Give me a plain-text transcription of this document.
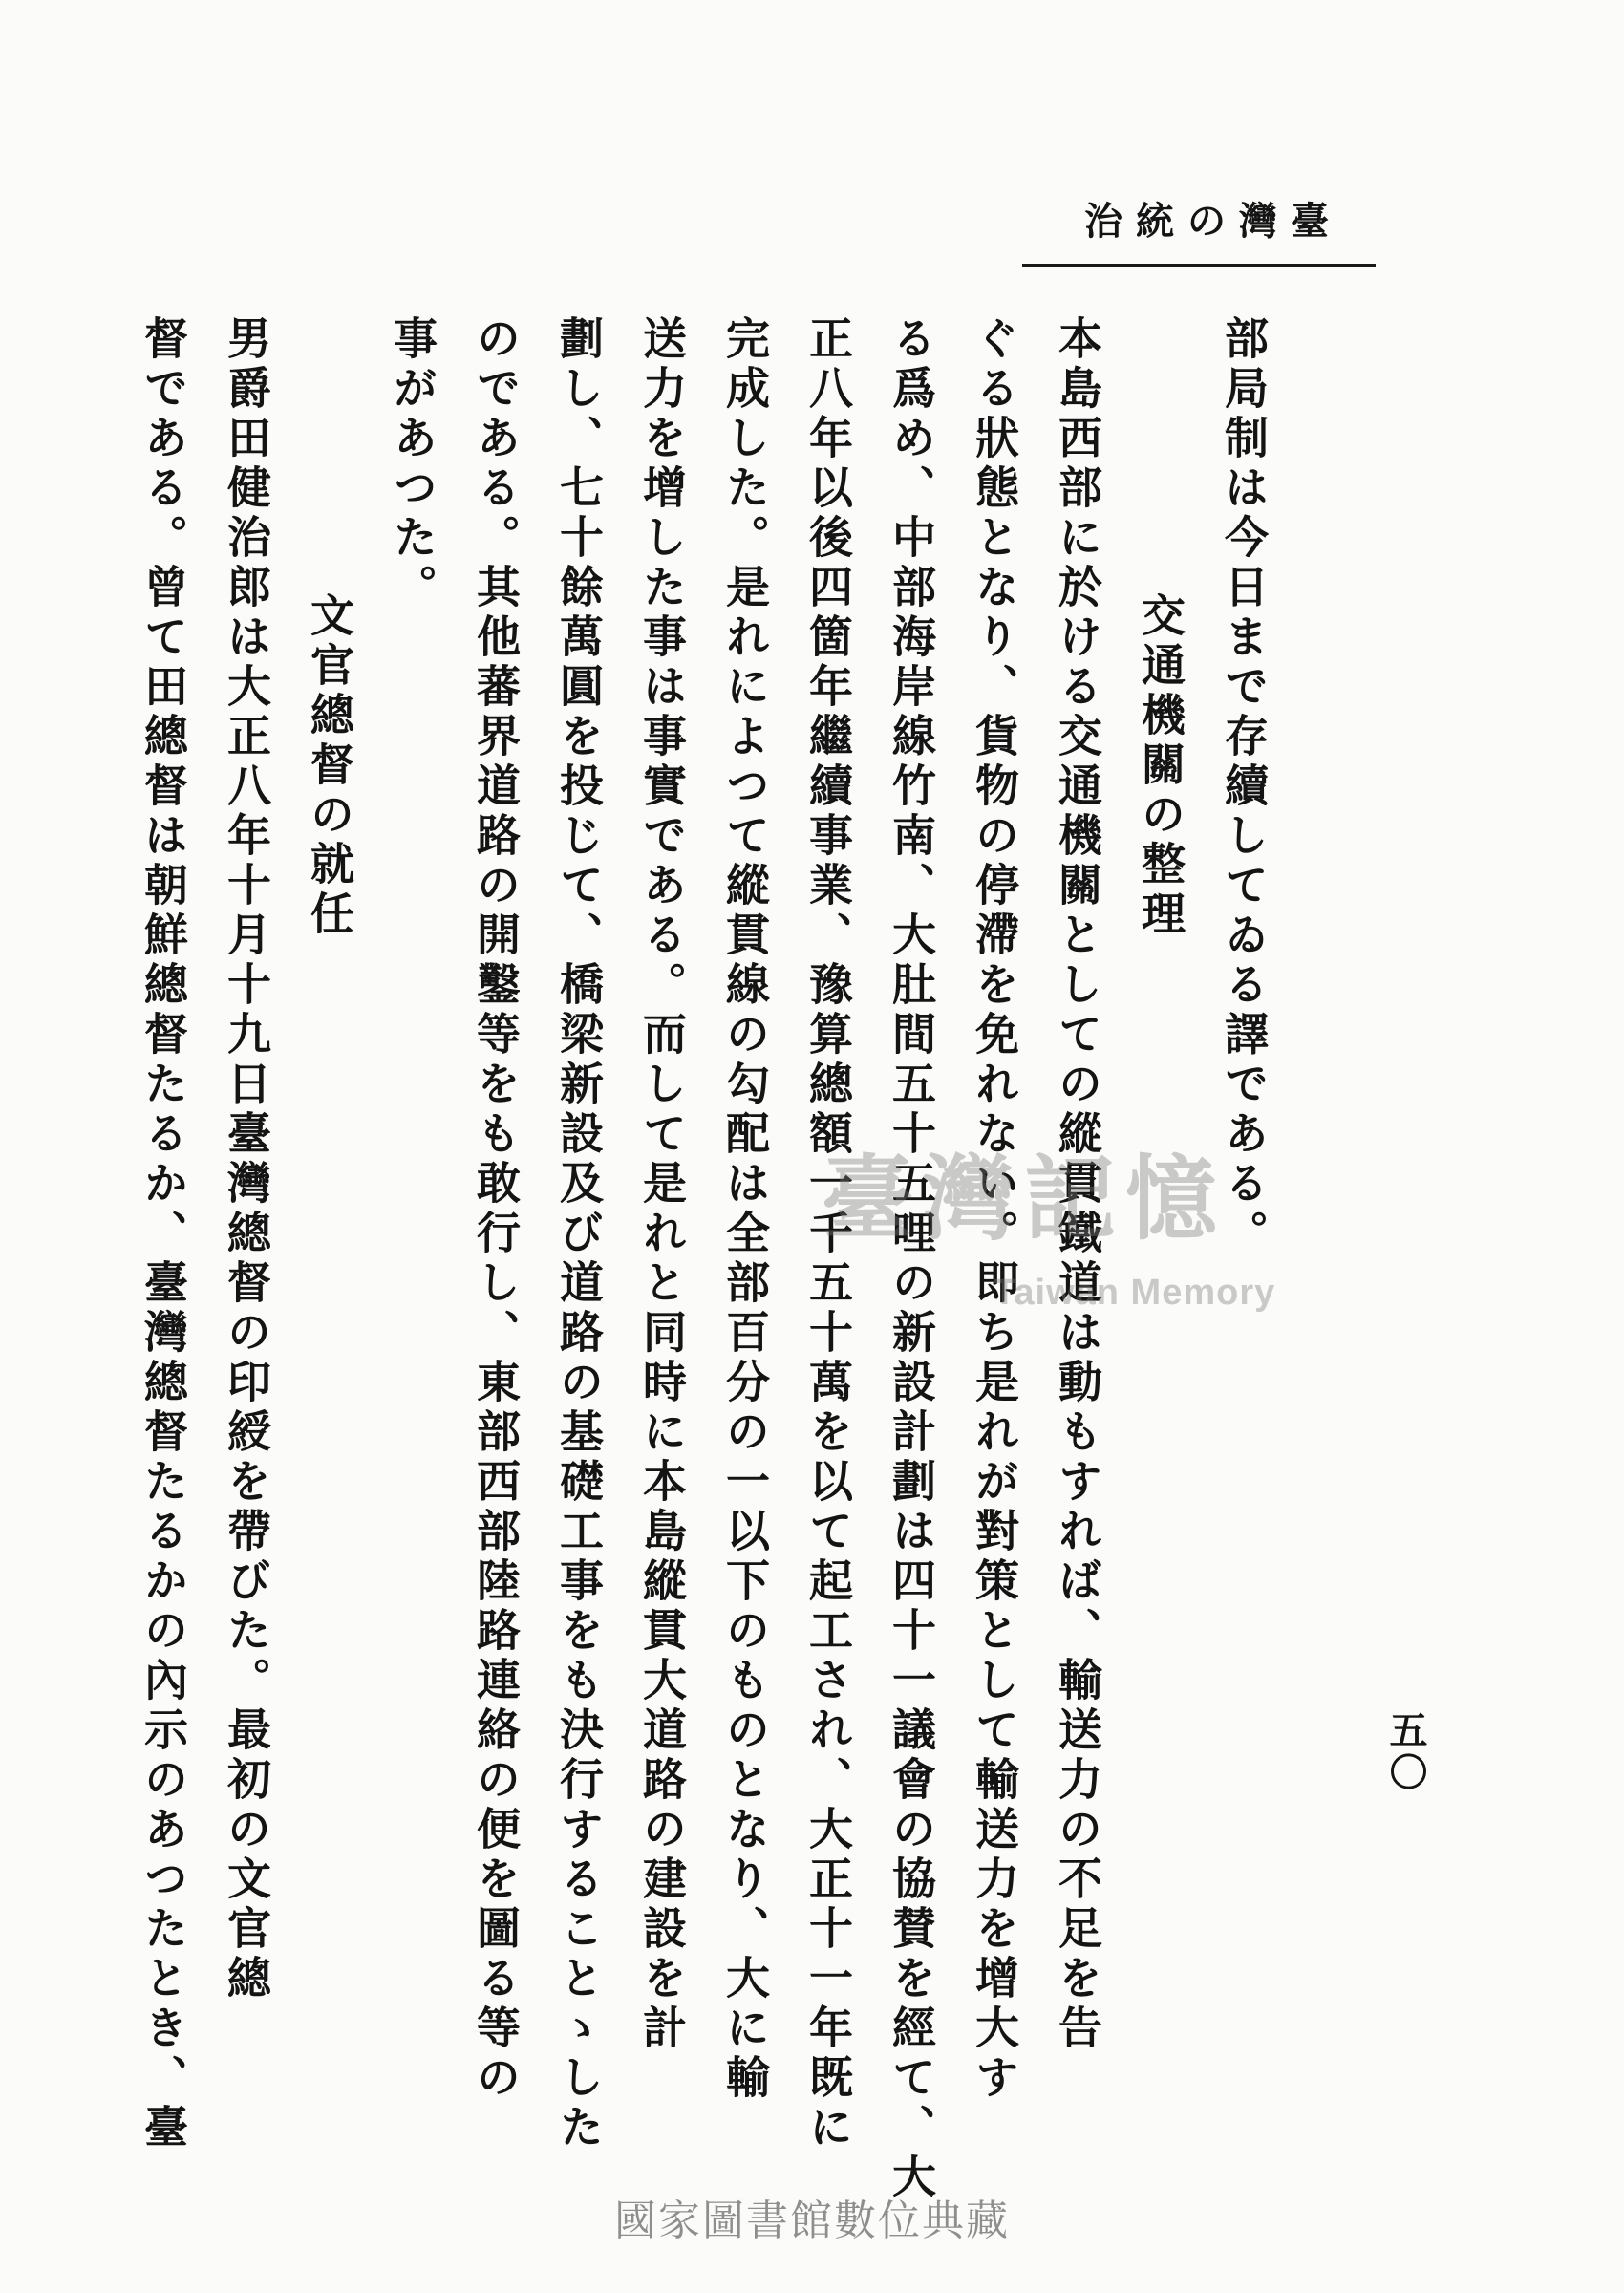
臺灣の統治
部局制は今日まで存續してゐる譯である。
交通機關の整理
本島西部に於ける交通機關としての縱貫鐵道は動もすれば、輸送力の不足を告
ぐる狀態となり、貨物の停滯を免れない。即ち是れが對策として輸送力を增大す
る爲め、中部海岸線竹南、大肚間五十五哩の新設計劃は四十一議會の協賛を經て、大
正八年以後四箇年繼續事業、豫算總額一千五十萬を以て起工され、大正十一年既に
完成した。是れによつて縱貫線の勾配は全部百分の一以下のものとなり、大に輸
送力を增した事は事實である。而して是れと同時に本島縱貫大道路の建設を計
劃し、七十餘萬圓を投じて、橋梁新設及び道路の基礎工事をも決行することゝした
のである。其他蕃界道路の開鑿等をも敢行し、東部西部陸路連絡の便を圖る等の
事があつた。
文官總督の就任
男爵田健治郎は大正八年十月十九日臺灣總督の印綬を帶びた。最初の文官總
督である。曾て田總督は朝鮮總督たるか、臺灣總督たるかの內示のあつたとき、臺	五〇
臺灣記憶
Taiwan Memory
國家圖書館數位典藏
